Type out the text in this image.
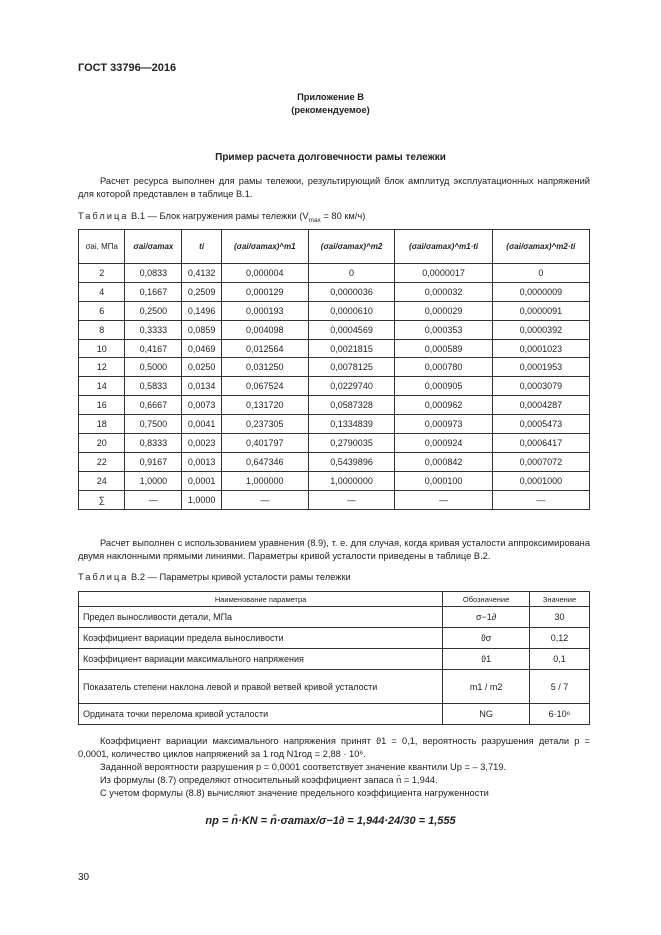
ГОСТ 33796—2016
Приложение В
(рекомендуемое)
Пример расчета долговечности рамы тележки

Расчет ресурса выполнен для рамы тележки, результирующий блок амплитуд эксплуатационных напряжений для которой представлен в таблице В.1.

Таблица В.1 — Блок нагружения рамы тележки ($V_{max} = 80$ км/ч)
σai, МПа	σai/σamax	ti	(σai/σamax)^m1	(σai/σamax)^m2	(σai/σamax)^m1·ti	(σai/σamax)^m2·ti
2	0,0833	0,4132	0,000004	0	0,0000017	0
4	0,1667	0,2509	0,000129	0,0000036	0,000032	0,0000009
6	0,2500	0,1496	0,000193	0,0000610	0,000029	0,0000091
8	0,3333	0,0859	0,004098	0,0004569	0,000353	0,0000392
10	0,4167	0,0469	0,012564	0,0021815	0,000589	0,0001023
12	0,5000	0,0250	0,031250	0,0078125	0,000780	0,0001953
14	0,5833	0,0134	0,067524	0,0229740	0,000905	0,0003079
16	0,6667	0,0073	0,131720	0,0587328	0,000962	0,0004287
18	0,7500	0,0041	0,237305	0,1334839	0,000973	0,0005473
20	0,8333	0,0023	0,401797	0,2790035	0,000924	0,0006417
22	0,9167	0,0013	0,647346	0,5439896	0,000842	0,0007072
24	1,0000	0,0001	1,000000	1,0000000	0,000100	0,0001000
∑	—	1,0000	—	—	—	—

Расчет выполнен с использованием уравнения (8.9), т. е. для случая, когда кривая усталости аппроксимирована двумя наклонными прямыми линиями. Параметры кривой усталости приведены в таблице В.2.

Таблица В.2 — Параметры кривой усталости рамы тележки
Наименование параметра	Обозначение	Значение
Предел выносливости детали, МПа	σ−1∂	30
Коэффициент вариации предела выносливости	ϑσ	0,12
Коэффициент вариации максимального напряжения	ϑ1	0,1
Показатель степени наклона левой и правой ветвей кривой усталости	m1 / m2	5 / 7
Ордината точки перелома кривой усталости	NG	6·10⁶

Коэффициент вариации максимального напряжения принят ϑ1 = 0,1, вероятность разрушения детали p = 0,0001, количество циклов напряжений за 1 год N1год = 2,88 · 10⁶.

Заданной вероятности разрушения p = 0,0001 соответствует значение квантили Up = – 3,719.

Из формулы (8.7) определяют относительный коэффициент запаса n̄ = 1,944.

С учетом формулы (8.8) вычисляют значение предельного коэффициента нагруженности

np = n̄·KN = n̄·σamax/σ−1∂ = 1,944·24/30 = 1,555
30
